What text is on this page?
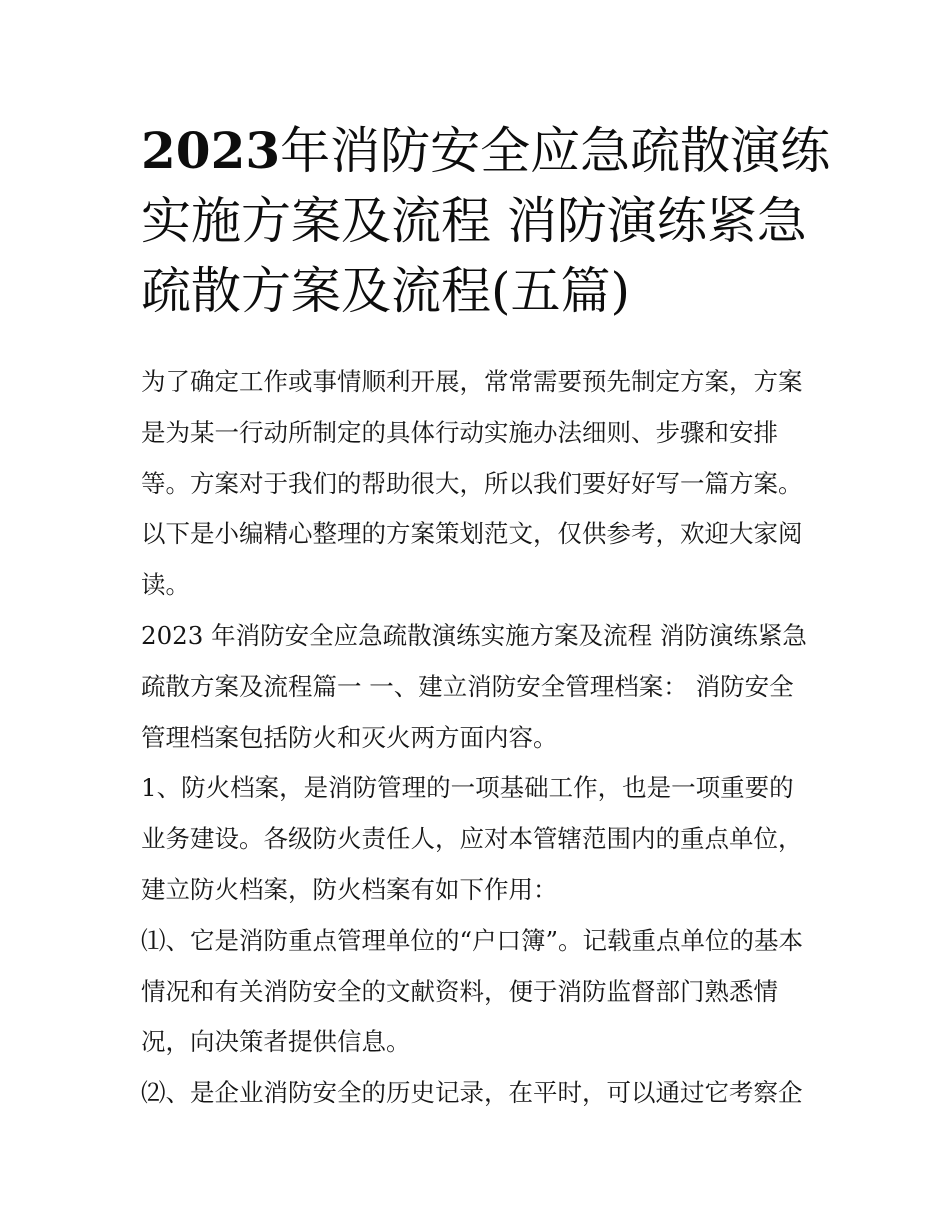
2023年消防安全应急疏散演练
实施方案及流程 消防演练紧急
疏散方案及流程(五篇)
为了确定工作或事情顺利开展，常常需要预先制定方案，方案
是为某一行动所制定的具体行动实施办法细则、步骤和安排
等。方案对于我们的帮助很大，所以我们要好好写一篇方案。
以下是小编精心整理的方案策划范文，仅供参考，欢迎大家阅
读。
2023 年消防安全应急疏散演练实施方案及流程 消防演练紧急
疏散方案及流程篇一 一、建立消防安全管理档案： 消防安全
管理档案包括防火和灭火两方面内容。
1、防火档案，是消防管理的一项基础工作，也是一项重要的
业务建设。各级防火责任人，应对本管辖范围内的重点单位，
建立防火档案，防火档案有如下作用：
⑴、它是消防重点管理单位的“户口簿”。记载重点单位的基本
情况和有关消防安全的文献资料，便于消防监督部门熟悉情
况，向决策者提供信息。
⑵、是企业消防安全的历史记录，在平时，可以通过它考察企
